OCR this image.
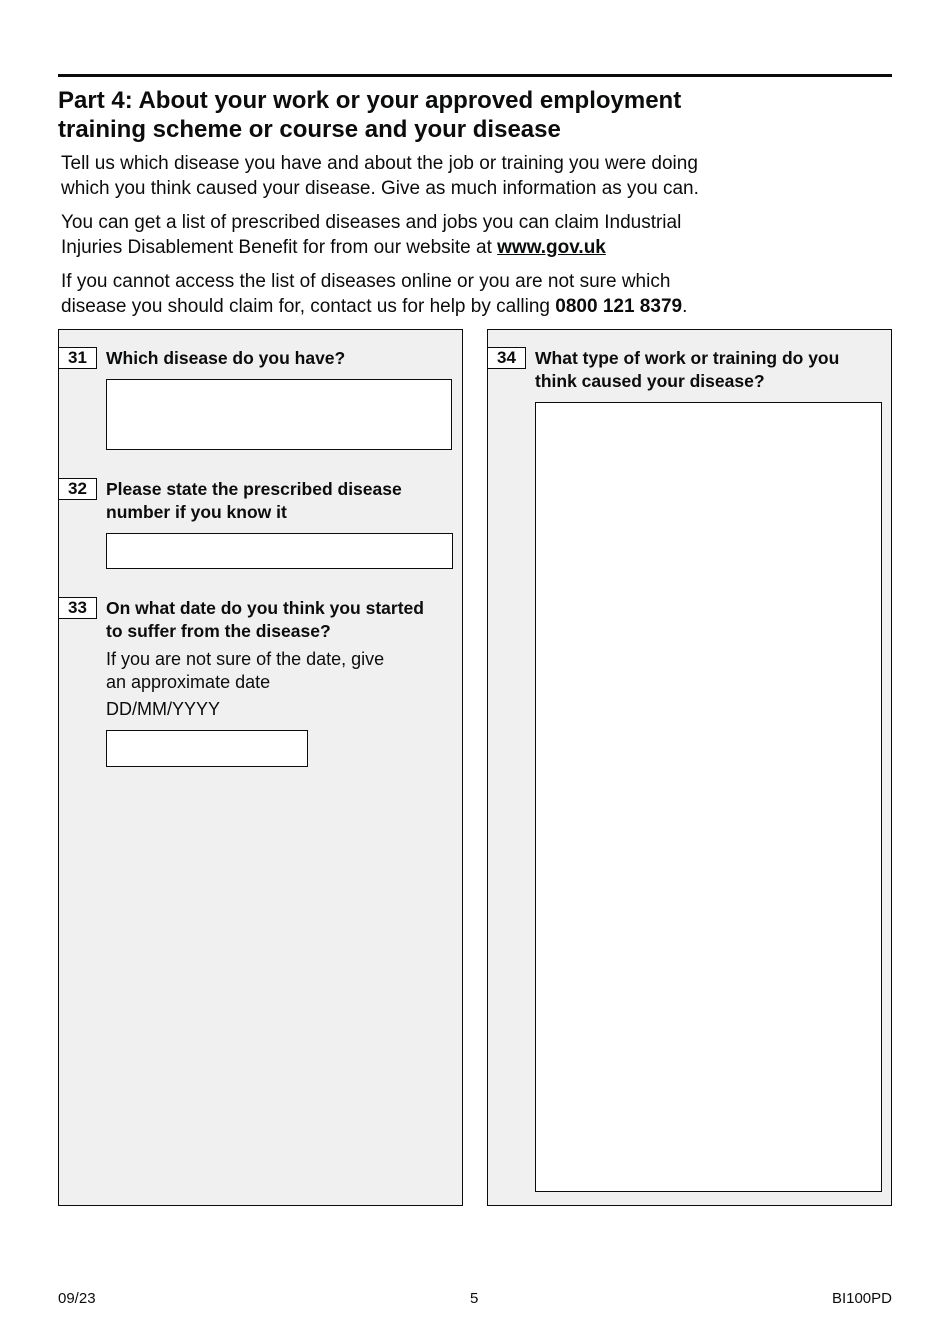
Part 4: About your work or your approved employment
training scheme or course and your disease

Tell us which disease you have and about the job or training you were doing
which you think caused your disease. Give as much information as you can.

You can get a list of prescribed diseases and jobs you can claim Industrial
Injuries Disablement Benefit for from our website at www.gov.uk

If you cannot access the list of diseases online or you are not sure which
disease you should claim for, contact us for help by calling 0800 121 8379.

31	Which disease do you have?

32	Please state the prescribed disease
number if you know it

33	On what date do you think you started
to suffer from the disease?

If you are not sure of the date, give
an approximate date
DD/MM/YYYY
34	What type of work or training do you
think caused your disease?

09/23	5	BI100PD
